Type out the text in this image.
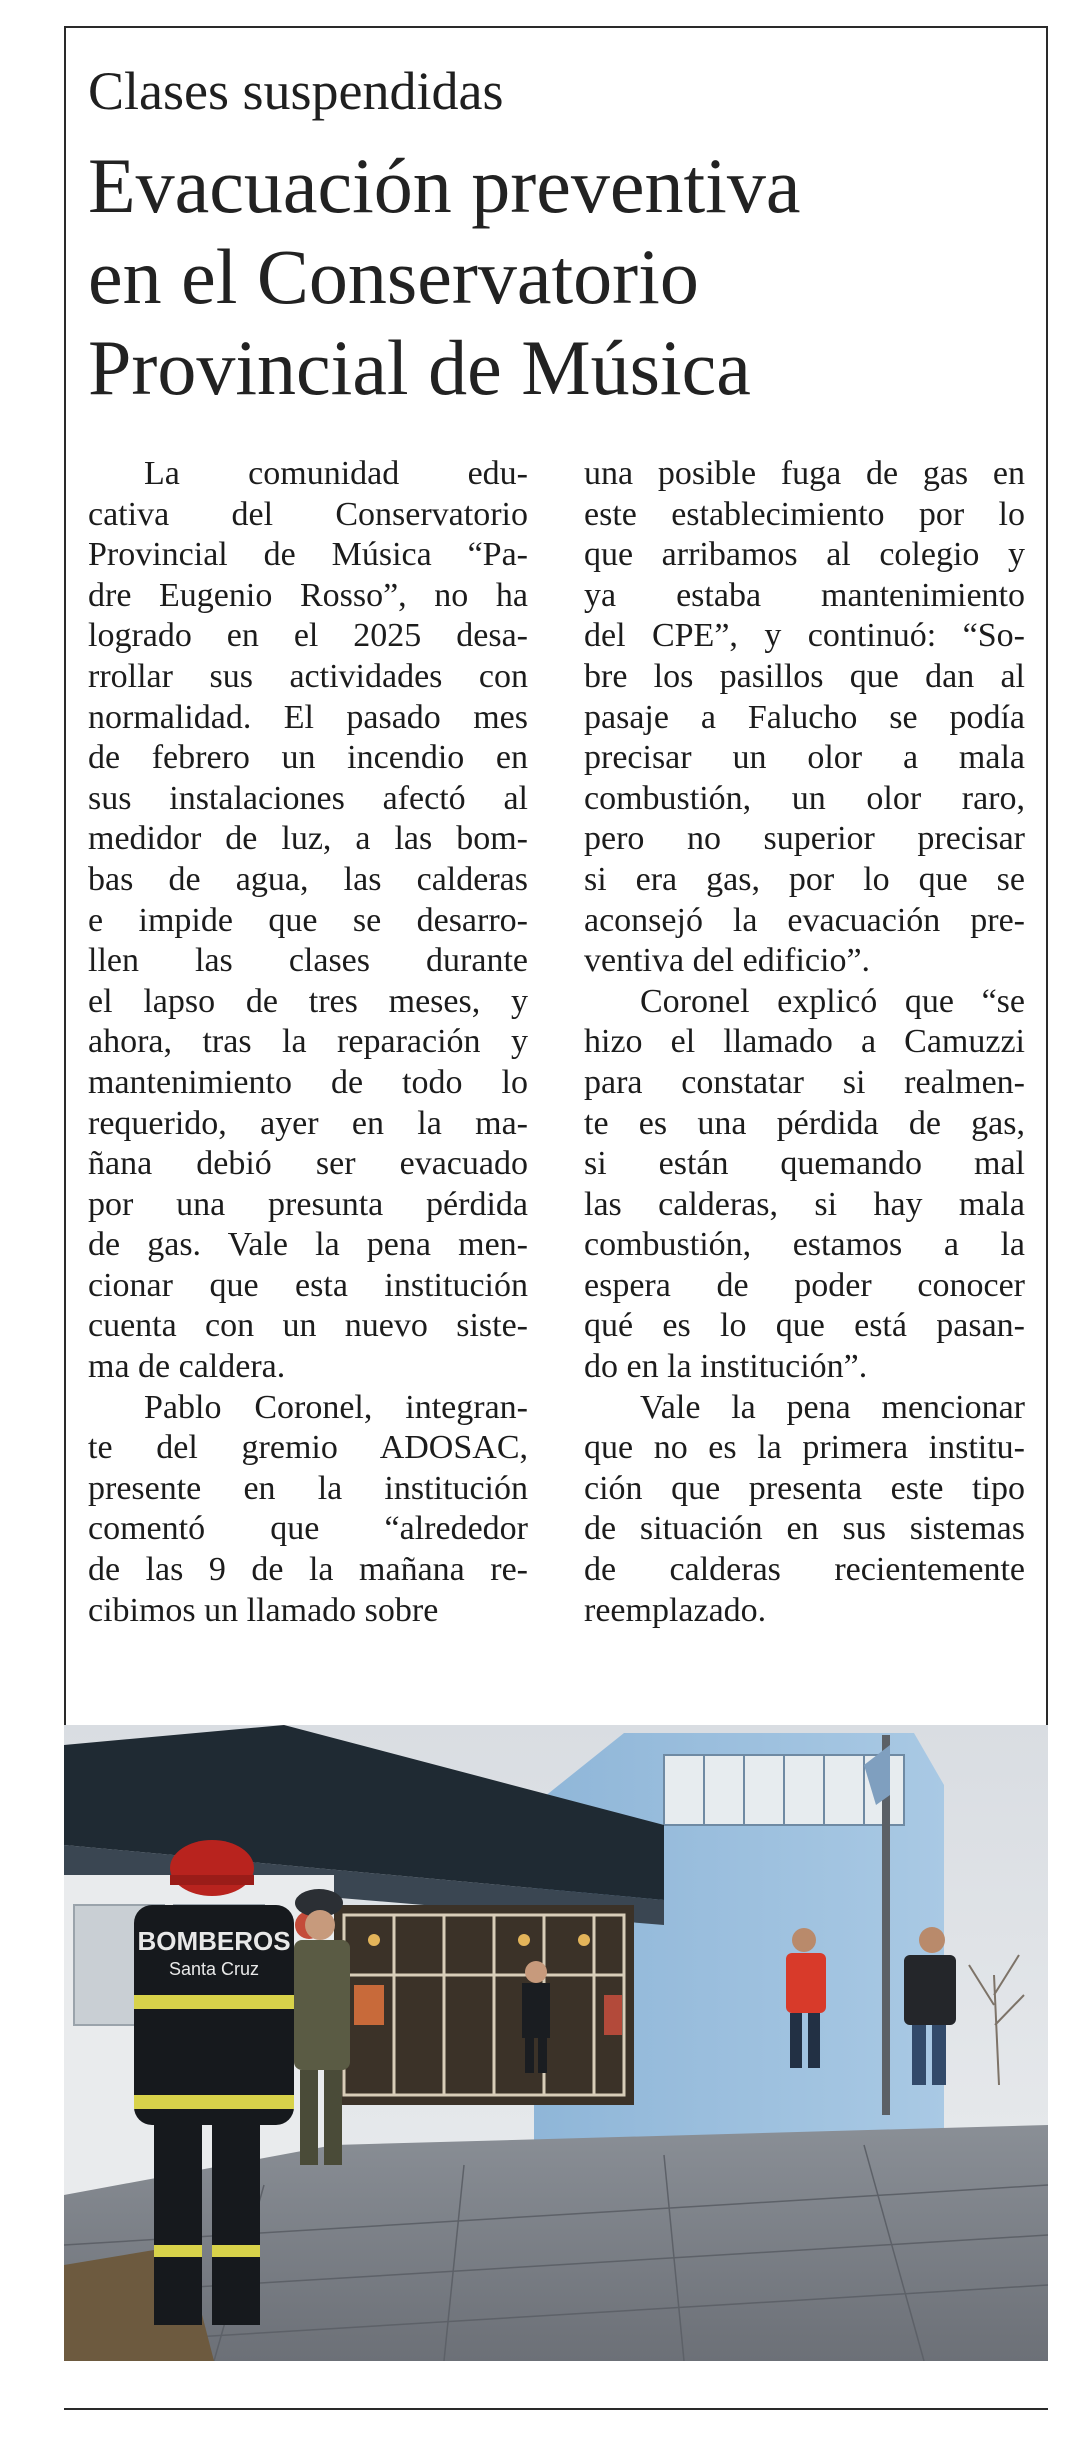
Clases suspendidas
Evacuación preventiva
en el Conservatorio
Provincial de Música
La comunidad edu-
cativa del Conservatorio
Provincial de Música “Pa-
dre Eugenio Rosso”, no ha
logrado en el 2025 desa-
rrollar sus actividades con
normalidad. El pasado mes
de febrero un incendio en
sus instalaciones afectó al
medidor de luz, a las bom-
bas de agua, las calderas
e impide que se desarro-
llen las clases durante
el lapso de tres meses, y
ahora, tras la reparación y
mantenimiento de todo lo
requerido, ayer en la ma-
ñana debió ser evacuado
por una presunta pérdida
de gas. Vale la pena men-
cionar que esta institución
cuenta con un nuevo siste-
ma de caldera.
Pablo Coronel, integran-
te del gremio ADOSAC,
presente en la institución
comentó que “alrededor
de las 9 de la mañana re-
cibimos un llamado sobre
una posible fuga de gas en
este establecimiento por lo
que arribamos al colegio y
ya estaba mantenimiento
del CPE”, y continuó: “So-
bre los pasillos que dan al
pasaje a Falucho se podía
precisar un olor a mala
combustión, un olor raro,
pero no superior precisar
si era gas, por lo que se
aconsejó la evacuación pre-
ventiva del edificio”.
Coronel explicó que “se
hizo el llamado a Camuzzi
para constatar si realmen-
te es una pérdida de gas,
si están quemando mal
las calderas, si hay mala
combustión, estamos a la
espera de poder conocer
qué es lo que está pasan-
do en la institución”.
Vale la pena mencionar
que no es la primera institu-
ción que presenta este tipo
de situación en sus sistemas
de calderas recientemente
reemplazado.
BOMBEROS
Santa Cruz
